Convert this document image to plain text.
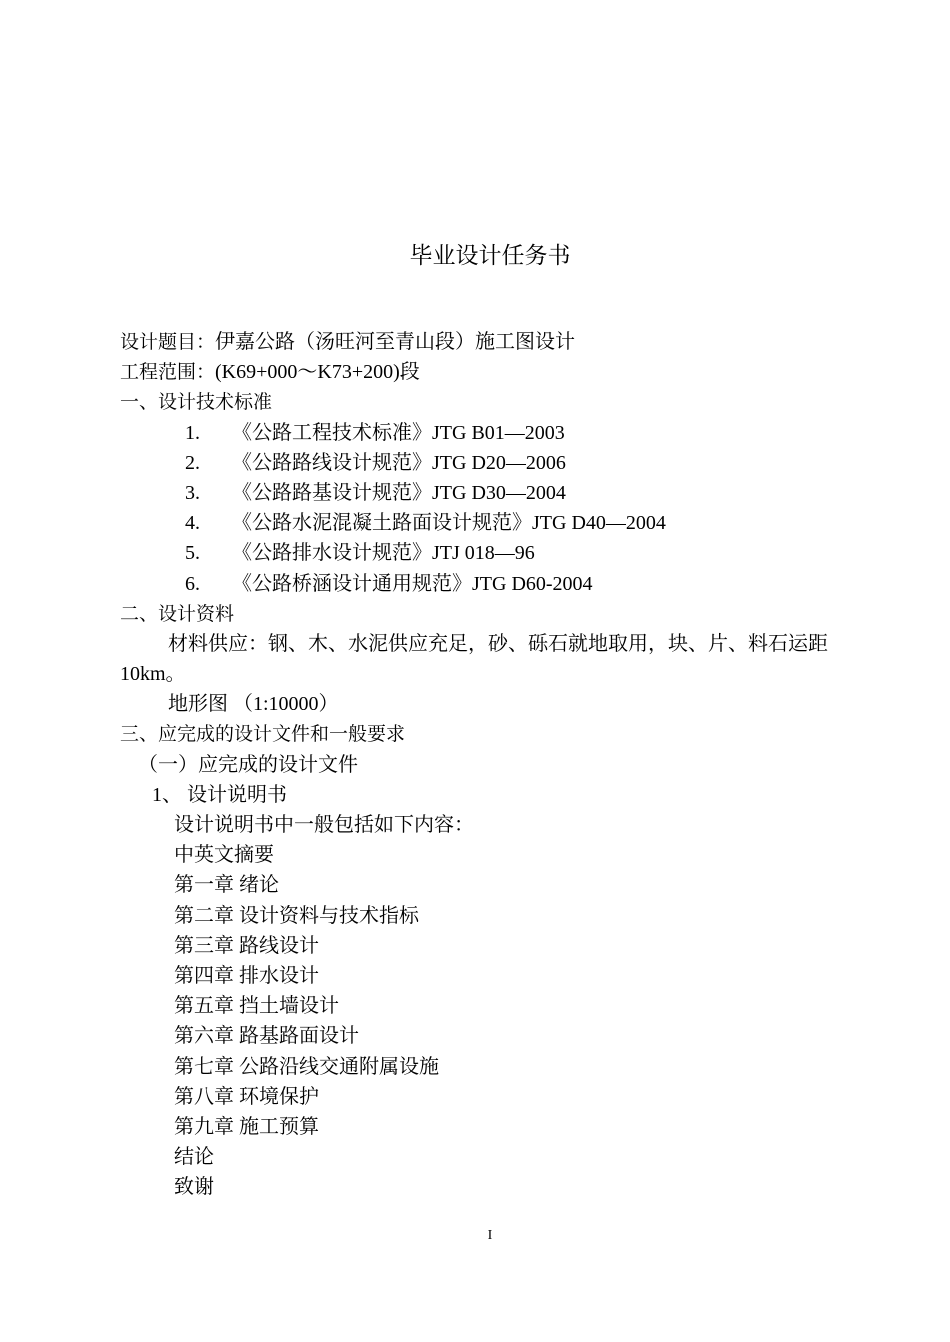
毕业设计任务书
设计题目：伊嘉公路（汤旺河至青山段）施工图设计
工程范围：(K69+000～K73+200)段
一、设计技术标准
1. 《公路工程技术标准》JTG B01—2003
2. 《公路路线设计规范》JTG D20—2006
3. 《公路路基设计规范》JTG D30—2004
4. 《公路水泥混凝土路面设计规范》JTG D40—2004
5. 《公路排水设计规范》JTJ 018—96
6. 《公路桥涵设计通用规范》JTG D60-2004
二、设计资料
材料供应：钢、木、水泥供应充足，砂、砾石就地取用，块、片、料石运距
10km。
地形图 （1:10000）
三、应完成的设计文件和一般要求
（一）应完成的设计文件
1、 设计说明书
设计说明书中一般包括如下内容：
中英文摘要
第一章 绪论
第二章 设计资料与技术指标
第三章 路线设计
第四章 排水设计
第五章 挡土墙设计
第六章 路基路面设计
第七章 公路沿线交通附属设施
第八章 环境保护
第九章 施工预算
结论
致谢
I
